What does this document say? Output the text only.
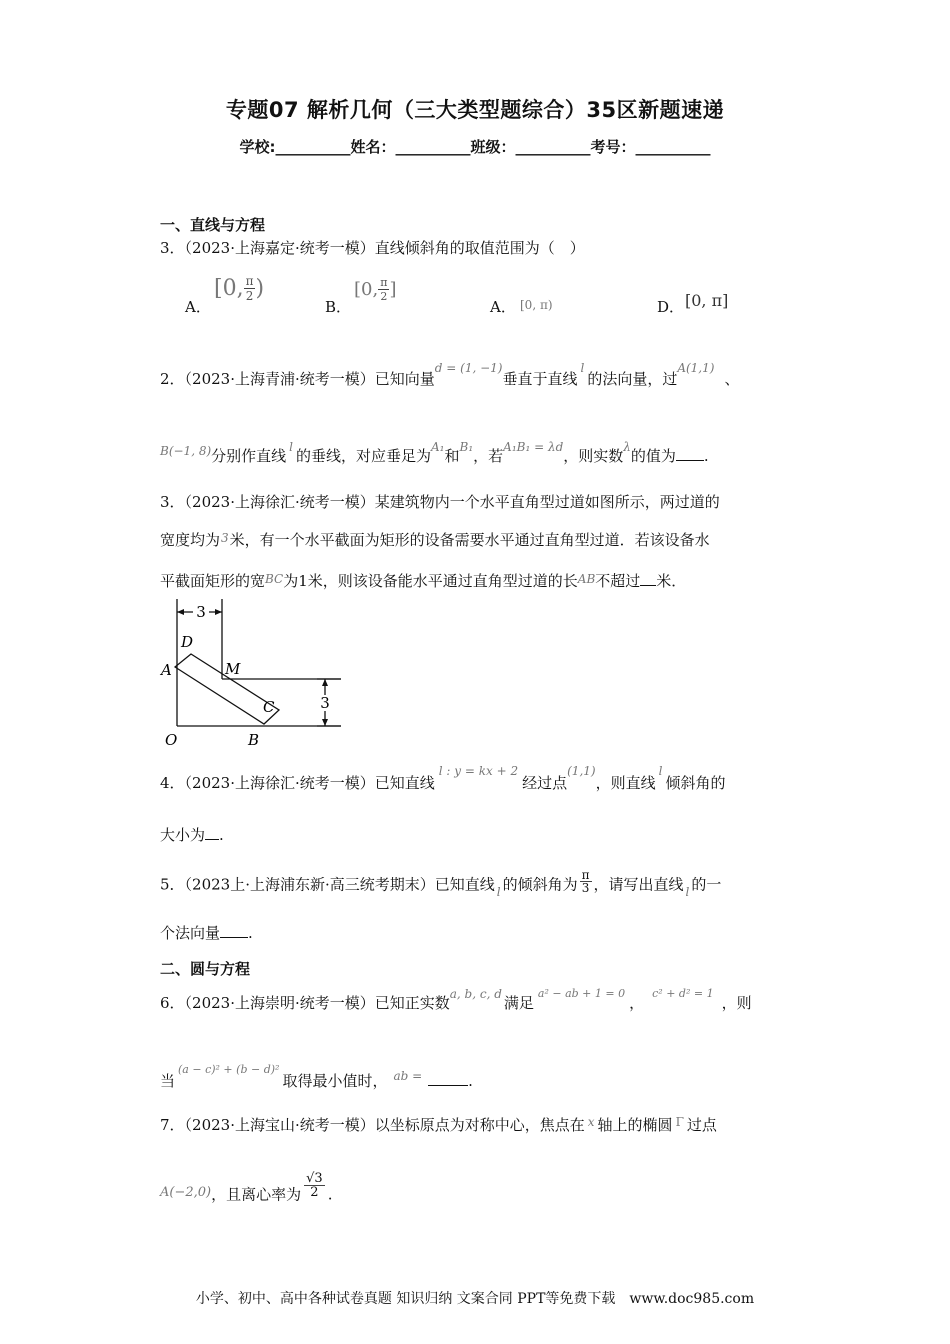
专题07 解析几何（三大类型题综合）35区新题速递
学校:__________姓名：__________班级：__________考号：__________
一、直线与方程
3．（2023·上海嘉定·统考一模）直线倾斜角的取值范围为（　）
A．
[0, $\frac{\pi}{2}$ )
B．
[0, $\frac{\pi}{2}$ ]
A． [0, π)	D． [0, π]
2．（2023·上海青浦·统考一模）已知向量$^{d = (1, -1)}$垂直于直线$^l$的法向量，过$^{A(1,1)}$、
$^{B(-1, 8)}$分别作直线 $^l$ 的垂线，对应垂足为$^{A_1}$和$^{B_1}$，若$^{A_1B_1 = \lambda d}$，则实数$^\lambda$的值为 .
3．（2023·上海徐汇·统考一模）某建筑物内一个水平直角型过道如图所示，两过道的
宽度均为$^3$米，有一个水平截面为矩形的设备需要水平通过直角型过道．若该设备水
平截面矩形的宽$^{BC}$为1米，则该设备能水平通过直角型过道的长$^{AB}$不超过 米．
3
3
D
A	M
C
O	B
4．（2023·上海徐汇·统考一模）已知直线$^{l : y = kx + 2}$经过点$^{(1,1)}$，则直线$^l$倾斜角的
大小为 .
5．（2023上·上海浦东新·高三统考期末）已知直线 $_l$ 的倾斜角为 $\frac{\pi}{3}$ ，请写出直线 $_l$ 的一
个法向量 .
二、圆与方程
6．（2023·上海崇明·统考一模）已知正实数$^{a, b, c, d}$ 满足$^{a^2 - ab + 1 = 0}$，$^{c^2 + d^2 = 1}$，则
当$^{(a - c)^2 + (b - d)^2}$取得最小值时， $^{ab =}$	.
7．（2023·上海宝山·统考一模）以坐标原点为对称中心，焦点在 $^x$ 轴上的椭圆 $^\Gamma$ 过点
A(−2,0)，且离心率为 $\frac{√3}{2}$ .
小学、初中、高中各种试卷真题 知识归纳 文案合同 PPT等免费下载　www.doc985.com
